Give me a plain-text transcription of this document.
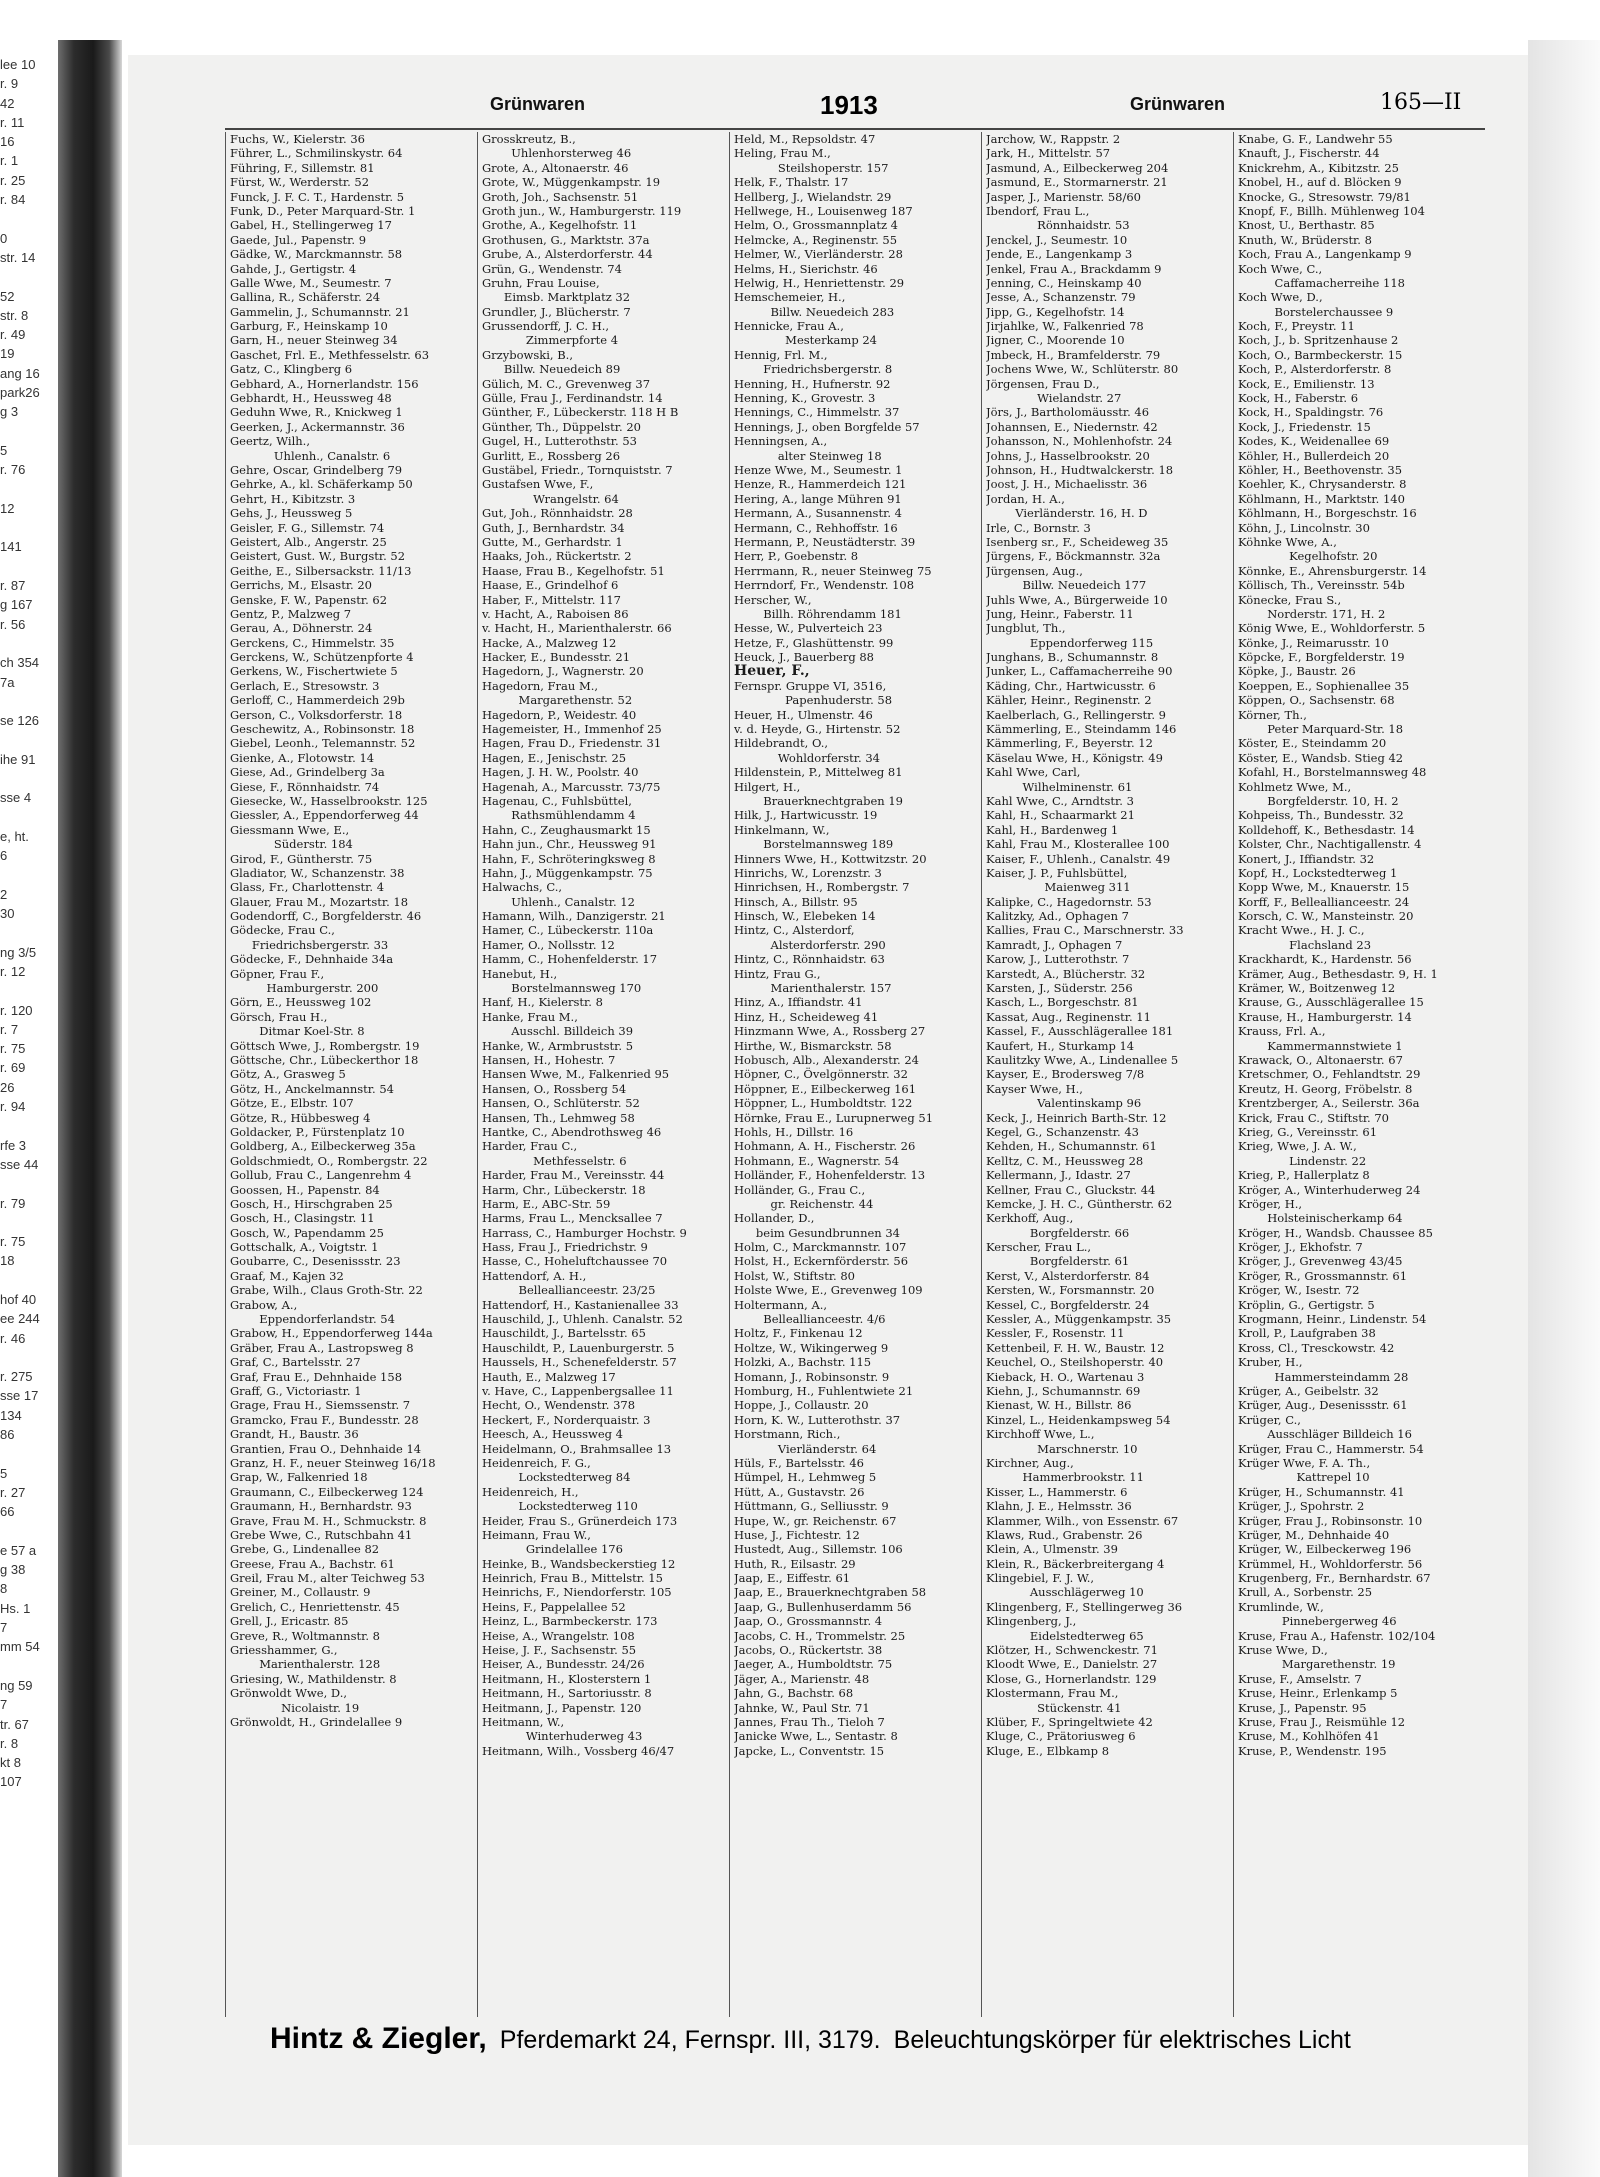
lee 10
r. 9
42
r. 11
16
r. 1
r. 25
r. 84

0
str. 14

52
str. 8
r. 49
19
ang 16
park26
g 3

5
r. 76

12

141

r. 87
g 167
r. 56

ch 354
7a

se 126

ihe 91

sse 4

e, ht.
6

2
30

ng 3/5
r. 12

r. 120
r. 7
r. 75
r. 69
26
r. 94

rfe 3
sse 44

r. 79

r. 75
18

hof 40
ee 244
r. 46

r. 275
sse 17
134
86

5
r. 27
66

e 57 a
g 38
8
Hs. 1
7
mm 54

ng 59
7
tr. 67
r. 8
kt 8
107
Grünwaren	1913	Grünwaren	165—II
Fuchs, W., Kielerstr. 36
Führer, L., Schmilinskystr. 64
Führing, F., Sillemstr. 81
Fürst, W., Werderstr. 52
Funck, J. F. C. T., Hardenstr. 5
Funk, D., Peter Marquard-Str. 1
Gabel, H., Stellingerweg 17
Gaede, Jul., Papenstr. 9
Gädke, W., Marckmannstr. 58
Gahde, J., Gertigstr. 4
Galle Wwe, M., Seumestr. 7
Gallina, R., Schäferstr. 24
Gammelin, J., Schumannstr. 21
Garburg, F., Heinskamp 10
Garn, H., neuer Steinweg 34
Gaschet, Frl. E., Methfesselstr. 63
Gatz, C., Klingberg 6
Gebhard, A., Hornerlandstr. 156
Gebhardt, H., Heussweg 48
Geduhn Wwe, R., Knickweg 1
Geerken, J., Ackermannstr. 36
Geertz, Wilh.,
Uhlenh., Canalstr. 6
Gehre, Oscar, Grindelberg 79
Gehrke, A., kl. Schäferkamp 50
Gehrt, H., Kibitzstr. 3
Gehs, J., Heussweg 5
Geisler, F. G., Sillemstr. 74
Geistert, Alb., Angerstr. 25
Geistert, Gust. W., Burgstr. 52
Geithe, E., Silbersackstr. 11/13
Gerrichs, M., Elsastr. 20
Genske, F. W., Papenstr. 62
Gentz, P., Malzweg 7
Gerau, A., Döhnerstr. 24
Gerckens, C., Himmelstr. 35
Gerckens, W., Schützenpforte 4
Gerkens, W., Fischertwiete 5
Gerlach, E., Stresowstr. 3
Gerloff, C., Hammerdeich 29b
Gerson, C., Volksdorferstr. 18
Geschewitz, A., Robinsonstr. 18
Giebel, Leonh., Telemannstr. 52
Gienke, A., Flotowstr. 14
Giese, Ad., Grindelberg 3a
Giese, F., Rönnhaidstr. 74
Giesecke, W., Hasselbrookstr. 125
Giessler, A., Eppendorferweg 44
Giessmann Wwe, E.,
Süderstr. 184
Girod, F., Güntherstr. 75
Gladiator, W., Schanzenstr. 38
Glass, Fr., Charlottenstr. 4
Glauer, Frau M., Mozartstr. 18
Godendorff, C., Borgfelderstr. 46
Gödecke, Frau C.,
Friedrichsbergerstr. 33
Gödecke, F., Dehnhaide 34a
Göpner, Frau F.,
Hamburgerstr. 200
Görn, E., Heussweg 102
Görsch, Frau H.,
Ditmar Koel-Str. 8
Göttsch Wwe, J., Rombergstr. 19
Göttsche, Chr., Lübeckerthor 18
Götz, A., Grasweg 5
Götz, H., Anckelmannstr. 54
Götze, E., Elbstr. 107
Götze, R., Hübbesweg 4
Goldacker, P., Fürstenplatz 10
Goldberg, A., Eilbeckerweg 35a
Goldschmiedt, O., Rombergstr. 22
Gollub, Frau C., Langenrehm 4
Goossen, H., Papenstr. 84
Gosch, H., Hirschgraben 25
Gosch, H., Clasingstr. 11
Gosch, W., Papendamm 25
Gottschalk, A., Voigtstr. 1
Goubarre, C., Desenissstr. 23
Graaf, M., Kajen 32
Grabe, Wilh., Claus Groth-Str. 22
Grabow, A.,
Eppendorferlandstr. 54
Grabow, H., Eppendorferweg 144a
Gräber, Frau A., Lastropsweg 8
Graf, C., Bartelsstr. 27
Graf, Frau E., Dehnhaide 158
Graff, G., Victoriastr. 1
Grage, Frau H., Siemssenstr. 7
Gramcko, Frau F., Bundesstr. 28
Grandt, H., Baustr. 36
Grantien, Frau O., Dehnhaide 14
Granz, H. F., neuer Steinweg 16/18
Grap, W., Falkenried 18
Graumann, C., Eilbeckerweg 124
Graumann, H., Bernhardstr. 93
Grave, Frau M. H., Schmuckstr. 8
Grebe Wwe, C., Rutschbahn 41
Grebe, G., Lindenallee 82
Greese, Frau A., Bachstr. 61
Greil, Frau M., alter Teichweg 53
Greiner, M., Collaustr. 9
Grelich, C., Henriettenstr. 45
Grell, J., Ericastr. 85
Greve, R., Woltmannstr. 8
Griesshammer, G.,
Marienthalerstr. 128
Griesing, W., Mathildenstr. 8
Grönwoldt Wwe, D.,
Nicolaistr. 19
Grönwoldt, H., Grindelallee 9
Grosskreutz, B.,
Uhlenhorsterweg 46
Grote, A., Altonaerstr. 46
Grote, W., Müggenkampstr. 19
Groth, Joh., Sachsenstr. 51
Groth jun., W., Hamburgerstr. 119
Grothe, A., Kegelhofstr. 11
Grothusen, G., Marktstr. 37a
Grube, A., Alsterdorferstr. 44
Grün, G., Wendenstr. 74
Gruhn, Frau Louise,
Eimsb. Marktplatz 32
Grundler, J., Blücherstr. 7
Grussendorff, J. C. H.,
Zimmerpforte 4
Grzybowski, B.,
Billw. Neuedeich 89
Gülich, M. C., Grevenweg 37
Gülle, Frau J., Ferdinandstr. 14
Günther, F., Lübeckerstr. 118 H B
Günther, Th., Düppelstr. 20
Gugel, H., Lutterothstr. 53
Gurlitt, E., Rossberg 26
Gustäbel, Friedr., Tornquiststr. 7
Gustafsen Wwe, F.,
Wrangelstr. 64
Gut, Joh., Rönnhaidstr. 28
Guth, J., Bernhardstr. 34
Gutte, M., Gerhardstr. 1
Haaks, Joh., Rückertstr. 2
Haase, Frau B., Kegelhofstr. 51
Haase, E., Grindelhof 6
Haber, F., Mittelstr. 117
v. Hacht, A., Raboisen 86
v. Hacht, H., Marienthalerstr. 66
Hacke, A., Malzweg 12
Hacker, E., Bundesstr. 21
Hagedorn, J., Wagnerstr. 20
Hagedorn, Frau M.,
Margarethenstr. 52
Hagedorn, P., Weidestr. 40
Hagemeister, H., Immenhof 25
Hagen, Frau D., Friedenstr. 31
Hagen, E., Jenischstr. 25
Hagen, J. H. W., Poolstr. 40
Hagenah, A., Marcusstr. 73/75
Hagenau, C., Fuhlsbüttel,
Rathsmühlendamm 4
Hahn, C., Zeughausmarkt 15
Hahn jun., Chr., Heussweg 91
Hahn, F., Schröteringksweg 8
Hahn, J., Müggenkampstr. 75
Halwachs, C.,
Uhlenh., Canalstr. 12
Hamann, Wilh., Danzigerstr. 21
Hamer, C., Lübeckerstr. 110a
Hamer, O., Nollsstr. 12
Hamm, C., Hohenfelderstr. 17
Hanebut, H.,
Borstelmannsweg 170
Hanf, H., Kielerstr. 8
Hanke, Frau M.,
Ausschl. Billdeich 39
Hanke, W., Armbruststr. 5
Hansen, H., Hohestr. 7
Hansen Wwe, M., Falkenried 95
Hansen, O., Rossberg 54
Hansen, O., Schlüterstr. 52
Hansen, Th., Lehmweg 58
Hantke, C., Abendrothsweg 46
Harder, Frau C.,
Methfesselstr. 6
Harder, Frau M., Vereinsstr. 44
Harm, Chr., Lübeckerstr. 18
Harm, E., ABC-Str. 59
Harms, Frau L., Mencksallee 7
Harrass, C., Hamburger Hochstr. 9
Hass, Frau J., Friedrichstr. 9
Hasse, C., Hoheluftchaussee 70
Hattendorf, A. H.,
Belleallianceestr. 23/25
Hattendorf, H., Kastanienallee 33
Hauschild, J., Uhlenh. Canalstr. 52
Hauschildt, J., Bartelsstr. 65
Hauschildt, P., Lauenburgerstr. 5
Haussels, H., Schenefelderstr. 57
Hauth, E., Malzweg 17
v. Have, C., Lappenbergsallee 11
Hecht, O., Wendenstr. 378
Heckert, F., Norderquaistr. 3
Heesch, A., Heussweg 4
Heidelmann, O., Brahmsallee 13
Heidenreich, F. G.,
Lockstedterweg 84
Heidenreich, H.,
Lockstedterweg 110
Heider, Frau S., Grünerdeich 173
Heimann, Frau W.,
Grindelallee 176
Heinke, B., Wandsbeckerstieg 12
Heinrich, Frau B., Mittelstr. 15
Heinrichs, F., Niendorferstr. 105
Heins, F., Pappelallee 52
Heinz, L., Barmbeckerstr. 173
Heise, A., Wrangelstr. 108
Heise, J. F., Sachsenstr. 55
Heiser, A., Bundesstr. 24/26
Heitmann, H., Klosterstern 1
Heitmann, H., Sartoriusstr. 8
Heitmann, J., Papenstr. 120
Heitmann, W.,
Winterhuderweg 43
Heitmann, Wilh., Vossberg 46/47
Held, M., Repsoldstr. 47
Heling, Frau M.,
Steilshoperstr. 157
Helk, F., Thalstr. 17
Hellberg, J., Wielandstr. 29
Hellwege, H., Louisenweg 187
Helm, O., Grossmannplatz 4
Helmcke, A., Reginenstr. 55
Helmer, W., Vierländerstr. 28
Helms, H., Sierichstr. 46
Helwig, H., Henriettenstr. 29
Hemschemeier, H.,
Billw. Neuedeich 283
Hennicke, Frau A.,
Mesterkamp 24
Hennig, Frl. M.,
Friedrichsbergerstr. 8
Henning, H., Hufnerstr. 92
Henning, K., Grovestr. 3
Hennings, C., Himmelstr. 37
Hennings, J., oben Borgfelde 57
Henningsen, A.,
alter Steinweg 18
Henze Wwe, M., Seumestr. 1
Henze, R., Hammerdeich 121
Hering, A., lange Mühren 91
Hermann, A., Susannenstr. 4
Hermann, C., Rehhoffstr. 16
Hermann, P., Neustädterstr. 39
Herr, P., Goebenstr. 8
Herrmann, R., neuer Steinweg 75
Herrndorf, Fr., Wendenstr. 108
Herscher, W.,
Billh. Röhrendamm 181
Hesse, W., Pulverteich 23
Hetze, F., Glashüttenstr. 99
Heuck, J., Bauerberg 88
Heuer, F.,
Fernspr. Gruppe VI, 3516,
Papenhuderstr. 58
Heuer, H., Ulmenstr. 46
v. d. Heyde, G., Hirtenstr. 52
Hildebrandt, O.,
Wohldorferstr. 34
Hildenstein, P., Mittelweg 81
Hilgert, H.,
Brauerknechtgraben 19
Hilk, J., Hartwicusstr. 19
Hinkelmann, W.,
Borstelmannsweg 189
Hinners Wwe, H., Kottwitzstr. 20
Hinrichs, W., Lorenzstr. 3
Hinrichsen, H., Rombergstr. 7
Hinsch, A., Billstr. 95
Hinsch, W., Elebeken 14
Hintz, C., Alsterdorf,
Alsterdorferstr. 290
Hintz, C., Rönnhaidstr. 63
Hintz, Frau G.,
Marienthalerstr. 157
Hinz, A., Iffiandstr. 41
Hinz, H., Scheideweg 41
Hinzmann Wwe, A., Rossberg 27
Hirthe, W., Bismarckstr. 58
Hobusch, Alb., Alexanderstr. 24
Höpner, C., Övelgönnerstr. 32
Höppner, E., Eilbeckerweg 161
Höppner, L., Humboldtstr. 122
Hörnke, Frau E., Lurupnerweg 51
Hohls, H., Dillstr. 16
Hohmann, A. H., Fischerstr. 26
Hohmann, E., Wagnerstr. 54
Holländer, F., Hohenfelderstr. 13
Holländer, G., Frau C.,
gr. Reichenstr. 44
Hollander, D.,
beim Gesundbrunnen 34
Holm, C., Marckmannstr. 107
Holst, H., Eckernförderstr. 56
Holst, W., Stiftstr. 80
Holste Wwe, E., Grevenweg 109
Holtermann, A.,
Belleallianceestr. 4/6
Holtz, F., Finkenau 12
Holtze, W., Wikingerweg 9
Holzki, A., Bachstr. 115
Homann, J., Robinsonstr. 9
Homburg, H., Fuhlentwiete 21
Hoppe, J., Collaustr. 20
Horn, K. W., Lutterothstr. 37
Horstmann, Rich.,
Vierländerstr. 64
Hüls, F., Bartelsstr. 46
Hümpel, H., Lehmweg 5
Hütt, A., Gustavstr. 26
Hüttmann, G., Selliusstr. 9
Hupe, W., gr. Reichenstr. 67
Huse, J., Fichtestr. 12
Hustedt, Aug., Sillemstr. 106
Huth, R., Eilsastr. 29
Jaap, E., Eiffestr. 61
Jaap, E., Brauerknechtgraben 58
Jaap, G., Bullenhuserdamm 56
Jaap, O., Grossmannstr. 4
Jacobs, C. H., Trommelstr. 25
Jacobs, O., Rückertstr. 38
Jaeger, A., Humboldtstr. 75
Jäger, A., Marienstr. 48
Jahn, G., Bachstr. 68
Jahnke, W., Paul Str. 71
Jannes, Frau Th., Tieloh 7
Janicke Wwe, L., Sentastr. 8
Japcke, L., Conventstr. 15
Jarchow, W., Rappstr. 2
Jark, H., Mittelstr. 57
Jasmund, A., Eilbeckerweg 204
Jasmund, E., Stormarnerstr. 21
Jasper, J., Marienstr. 58/60
Ibendorf, Frau L.,
Rönnhaidstr. 53
Jenckel, J., Seumestr. 10
Jende, E., Langenkamp 3
Jenkel, Frau A., Brackdamm 9
Jenning, C., Heinskamp 40
Jesse, A., Schanzenstr. 79
Jipp, G., Kegelhofstr. 14
Jirjahlke, W., Falkenried 78
Jigner, C., Moorende 10
Jmbeck, H., Bramfelderstr. 79
Jochens Wwe, W., Schlüterstr. 80
Jörgensen, Frau D.,
Wielandstr. 27
Jörs, J., Bartholomäusstr. 46
Johannsen, E., Niedernstr. 42
Johansson, N., Mohlenhofstr. 24
Johns, J., Hasselbrookstr. 20
Johnson, H., Hudtwalckerstr. 18
Joost, J. H., Michaelisstr. 36
Jordan, H. A.,
Vierländerstr. 16, H. D
Irle, C., Bornstr. 3
Isenberg sr., F., Scheideweg 35
Jürgens, F., Böckmannstr. 32a
Jürgensen, Aug.,
Billw. Neuedeich 177
Juhls Wwe, A., Bürgerweide 10
Jung, Heinr., Faberstr. 11
Jungblut, Th.,
Eppendorferweg 115
Junghans, B., Schumannstr. 8
Junker, L., Caffamacherreihe 90
Käding, Chr., Hartwicusstr. 6
Kähler, Heinr., Reginenstr. 2
Kaelberlach, G., Rellingerstr. 9
Kämmerling, E., Steindamm 146
Kämmerling, F., Beyerstr. 12
Käselau Wwe, H., Königstr. 49
Kahl Wwe, Carl,
Wilhelminenstr. 61
Kahl Wwe, C., Arndtstr. 3
Kahl, H., Schaarmarkt 21
Kahl, H., Bardenweg 1
Kahl, Frau M., Klosterallee 100
Kaiser, F., Uhlenh., Canalstr. 49
Kaiser, J. P., Fuhlsbüttel,
Maienweg 311
Kalipke, C., Hagedornstr. 53
Kalitzky, Ad., Ophagen 7
Kallies, Frau C., Marschnerstr. 33
Kamradt, J., Ophagen 7
Karow, J., Lutterothstr. 7
Karstedt, A., Blücherstr. 32
Karsten, J., Süderstr. 256
Kasch, L., Borgeschstr. 81
Kassat, Aug., Reginenstr. 11
Kassel, F., Ausschlägerallee 181
Kaufert, H., Sturkamp 14
Kaulitzky Wwe, A., Lindenallee 5
Kayser, E., Brodersweg 7/8
Kayser Wwe, H.,
Valentinskamp 96
Keck, J., Heinrich Barth-Str. 12
Kegel, G., Schanzenstr. 43
Kehden, H., Schumannstr. 61
Kelltz, C. M., Heussweg 28
Kellermann, J., Idastr. 27
Kellner, Frau C., Gluckstr. 44
Kemcke, J. H. C., Güntherstr. 62
Kerkhoff, Aug.,
Borgfelderstr. 66
Kerscher, Frau L.,
Borgfelderstr. 61
Kerst, V., Alsterdorferstr. 84
Kersten, W., Forsmannstr. 20
Kessel, C., Borgfelderstr. 24
Kessler, A., Müggenkampstr. 35
Kessler, F., Rosenstr. 11
Kettenbeil, F. H. W., Baustr. 12
Keuchel, O., Steilshoperstr. 40
Kieback, H. O., Wartenau 3
Kiehn, J., Schumannstr. 69
Kienast, W. H., Billstr. 86
Kinzel, L., Heidenkampsweg 54
Kirchhoff Wwe, L.,
Marschnerstr. 10
Kirchner, Aug.,
Hammerbrookstr. 11
Kisser, L., Hammerstr. 6
Klahn, J. E., Helmsstr. 36
Klammer, Wilh., von Essenstr. 67
Klaws, Rud., Grabenstr. 26
Klein, A., Ulmenstr. 39
Klein, R., Bäckerbreitergang 4
Klingebiel, F. J. W.,
Ausschlägerweg 10
Klingenberg, F., Stellingerweg 36
Klingenberg, J.,
Eidelstedterweg 65
Klötzer, H., Schwenckestr. 71
Kloodt Wwe, E., Danielstr. 27
Klose, G., Hornerlandstr. 129
Klostermann, Frau M.,
Stückenstr. 41
Klüber, F., Springeltwiete 42
Kluge, C., Prätoriusweg 6
Kluge, E., Elbkamp 8
Knabe, G. F., Landwehr 55
Knauft, J., Fischerstr. 44
Knickrehm, A., Kibitzstr. 25
Knobel, H., auf d. Blöcken 9
Knocke, G., Stresowstr. 79/81
Knopf, F., Billh. Mühlenweg 104
Knost, U., Berthastr. 85
Knuth, W., Brüderstr. 8
Koch, Frau A., Langenkamp 9
Koch Wwe, C.,
Caffamacherreihe 118
Koch Wwe, D.,
Borstelerchaussee 9
Koch, F., Preystr. 11
Koch, J., b. Spritzenhause 2
Koch, O., Barmbeckerstr. 15
Koch, P., Alsterdorferstr. 8
Kock, E., Emilienstr. 13
Kock, H., Faberstr. 6
Kock, H., Spaldingstr. 76
Kock, J., Friedenstr. 15
Kodes, K., Weidenallee 69
Köhler, H., Bullerdeich 20
Köhler, H., Beethovenstr. 35
Koehler, K., Chrysanderstr. 8
Köhlmann, H., Marktstr. 140
Köhlmann, H., Borgeschstr. 16
Köhn, J., Lincolnstr. 30
Köhnke Wwe, A.,
Kegelhofstr. 20
Könnke, E., Ahrensburgerstr. 14
Köllisch, Th., Vereinsstr. 54b
Könecke, Frau S.,
Norderstr. 171, H. 2
König Wwe, E., Wohldorferstr. 5
Könke, J., Reimarusstr. 10
Köpcke, F., Borgfelderstr. 19
Köpke, J., Baustr. 26
Koeppen, E., Sophienallee 35
Köppen, O., Sachsenstr. 68
Körner, Th.,
Peter Marquard-Str. 18
Köster, E., Steindamm 20
Köster, E., Wandsb. Stieg 42
Kofahl, H., Borstelmannsweg 48
Kohlmetz Wwe, M.,
Borgfelderstr. 10, H. 2
Kohpeiss, Th., Bundesstr. 32
Kolldehoff, K., Bethesdastr. 14
Kolster, Chr., Nachtigallenstr. 4
Konert, J., Iffiandstr. 32
Kopf, H., Lockstedterweg 1
Kopp Wwe, M., Knauerstr. 15
Korff, F., Belleallianceestr. 24
Korsch, C. W., Mansteinstr. 20
Kracht Wwe., H. J. C.,
Flachsland 23
Krackhardt, K., Hardenstr. 56
Krämer, Aug., Bethesdastr. 9, H. 1
Krämer, W., Boitzenweg 12
Krause, G., Ausschlägerallee 15
Krause, H., Hamburgerstr. 14
Krauss, Frl. A.,
Kammermannstwiete 1
Krawack, O., Altonaerstr. 67
Kretschmer, O., Fehlandtstr. 29
Kreutz, H. Georg, Fröbelstr. 8
Krentzberger, A., Seilerstr. 36a
Krick, Frau C., Stiftstr. 70
Krieg, G., Vereinsstr. 61
Krieg, Wwe, J. A. W.,
Lindenstr. 22
Krieg, P., Hallerplatz 8
Kröger, A., Winterhuderweg 24
Kröger, H.,
Holsteinischerkamp 64
Kröger, H., Wandsb. Chaussee 85
Kröger, J., Ekhofstr. 7
Kröger, J., Grevenweg 43/45
Kröger, R., Grossmannstr. 61
Kröger, W., Isestr. 72
Kröplin, G., Gertigstr. 5
Krogmann, Heinr., Lindenstr. 54
Kroll, P., Laufgraben 38
Kross, Cl., Tresckowstr. 42
Kruber, H.,
Hammersteindamm 28
Krüger, A., Geibelstr. 32
Krüger, Aug., Desenissstr. 61
Krüger, C.,
Ausschläger Billdeich 16
Krüger, Frau C., Hammerstr. 54
Krüger Wwe, F. A. Th.,
Kattrepel 10
Krüger, H., Schumannstr. 41
Krüger, J., Spohrstr. 2
Krüger, Frau J., Robinsonstr. 10
Krüger, M., Dehnhaide 40
Krüger, W., Eilbeckerweg 196
Krümmel, H., Wohldorferstr. 56
Krugenberg, Fr., Bernhardstr. 67
Krull, A., Sorbenstr. 25
Krumlinde, W.,
Pinnebergerweg 46
Kruse, Frau A., Hafenstr. 102/104
Kruse Wwe, D.,
Margarethenstr. 19
Kruse, F., Amselstr. 7
Kruse, Heinr., Erlenkamp 5
Kruse, J., Papenstr. 95
Kruse, Frau J., Reismühle 12
Kruse, M., Kohlhöfen 41
Kruse, P., Wendenstr. 195
Hintz & Ziegler, Pferdemarkt 24, Fernspr. III, 3179. Beleuchtungskörper für elektrisches Licht
